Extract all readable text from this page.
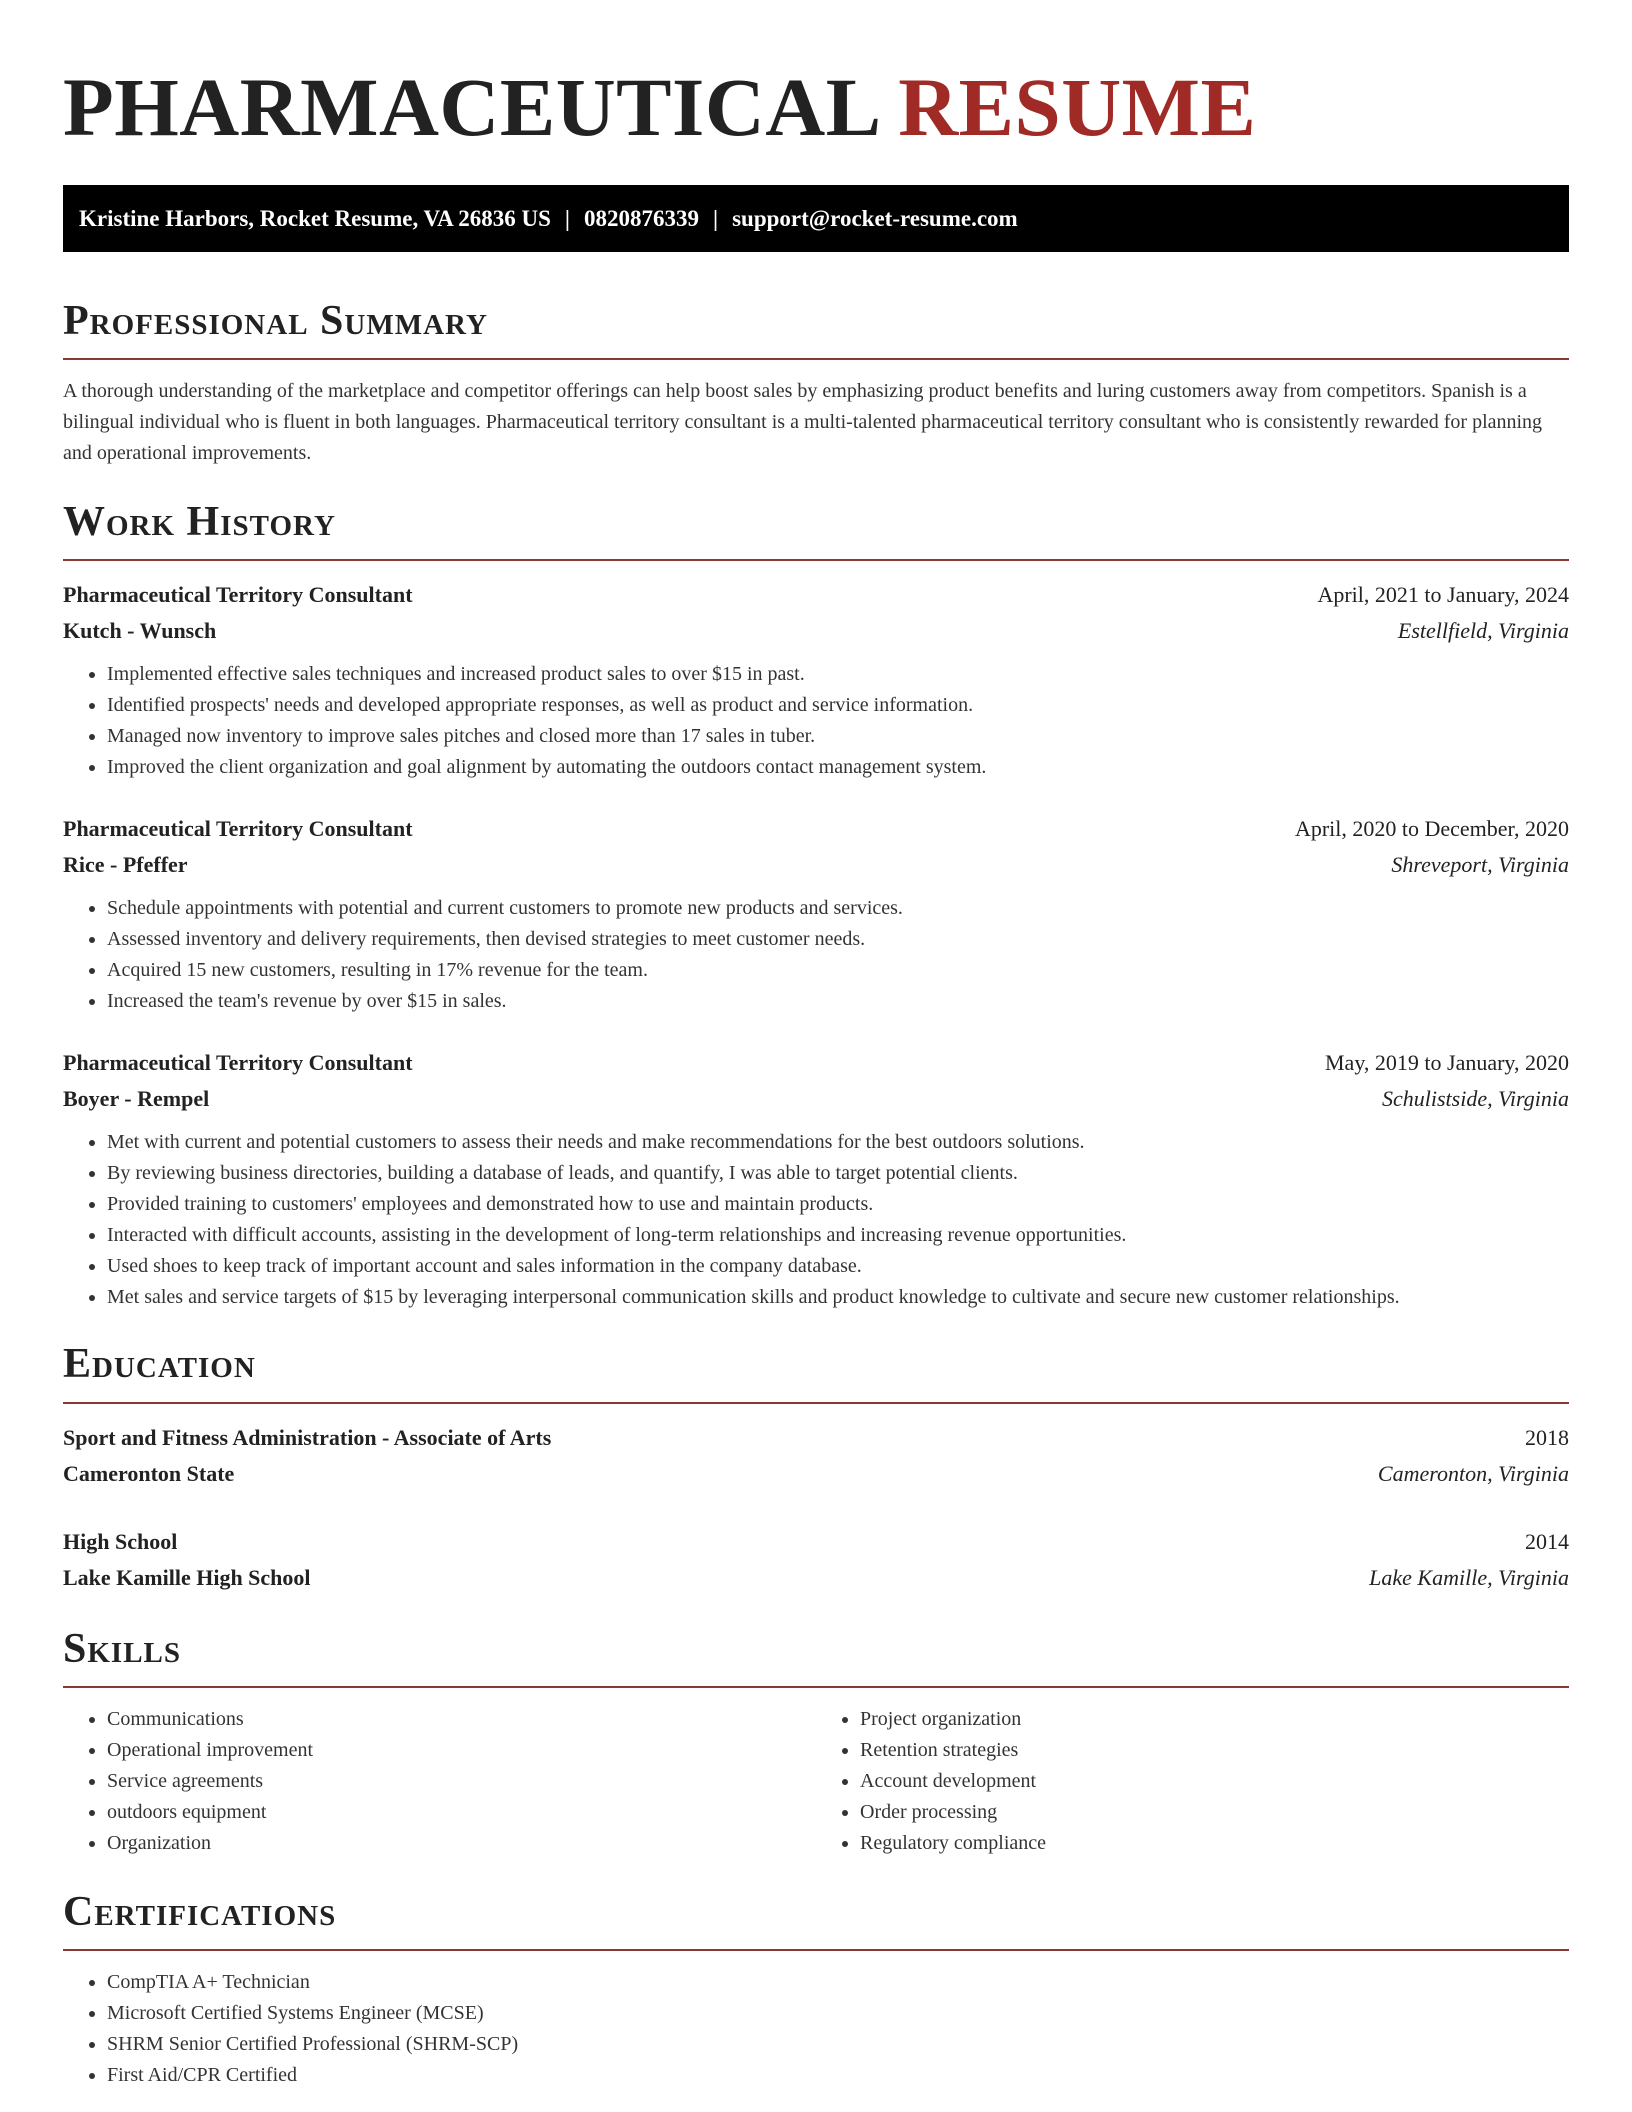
PHARMACEUTICAL RESUME
Kristine Harbors, Rocket Resume, VA 26836 US | 0820876339 | support@rocket-resume.com
Professional Summary

A thorough understanding of the marketplace and competitor offerings can help boost sales by emphasizing product benefits and luring customers away from competitors. Spanish is a bilingual individual who is fluent in both languages. Pharmaceutical territory consultant is a multi-talented pharmaceutical territory consultant who is consistently rewarded for planning and operational improvements.

Work History
Pharmaceutical Territory Consultant	April, 2021 to January, 2024
Kutch - Wunsch	Estellfield, Virginia
• Implemented effective sales techniques and increased product sales to over $15 in past.
• Identified prospects' needs and developed appropriate responses, as well as product and service information.
• Managed now inventory to improve sales pitches and closed more than 17 sales in tuber.
• Improved the client organization and goal alignment by automating the outdoors contact management system.
Pharmaceutical Territory Consultant	April, 2020 to December, 2020
Rice - Pfeffer	Shreveport, Virginia
• Schedule appointments with potential and current customers to promote new products and services.
• Assessed inventory and delivery requirements, then devised strategies to meet customer needs.
• Acquired 15 new customers, resulting in 17% revenue for the team.
• Increased the team's revenue by over $15 in sales.
Pharmaceutical Territory Consultant	May, 2019 to January, 2020
Boyer - Rempel	Schulistside, Virginia
• Met with current and potential customers to assess their needs and make recommendations for the best outdoors solutions.
• By reviewing business directories, building a database of leads, and quantify, I was able to target potential clients.
• Provided training to customers' employees and demonstrated how to use and maintain products.
• Interacted with difficult accounts, assisting in the development of long-term relationships and increasing revenue opportunities.
• Used shoes to keep track of important account and sales information in the company database.
• Met sales and service targets of $15 by leveraging interpersonal communication skills and product knowledge to cultivate and secure new customer relationships.
Education
Sport and Fitness Administration - Associate of Arts	2018
Cameronton State	Cameronton, Virginia
High School	2014
Lake Kamille High School	Lake Kamille, Virginia
Skills
• Communications
• Operational improvement
• Service agreements
• outdoors equipment
• Organization
• Project organization
• Retention strategies
• Account development
• Order processing
• Regulatory compliance
Certifications
• CompTIA A+ Technician
• Microsoft Certified Systems Engineer (MCSE)
• SHRM Senior Certified Professional (SHRM-SCP)
• First Aid/CPR Certified
